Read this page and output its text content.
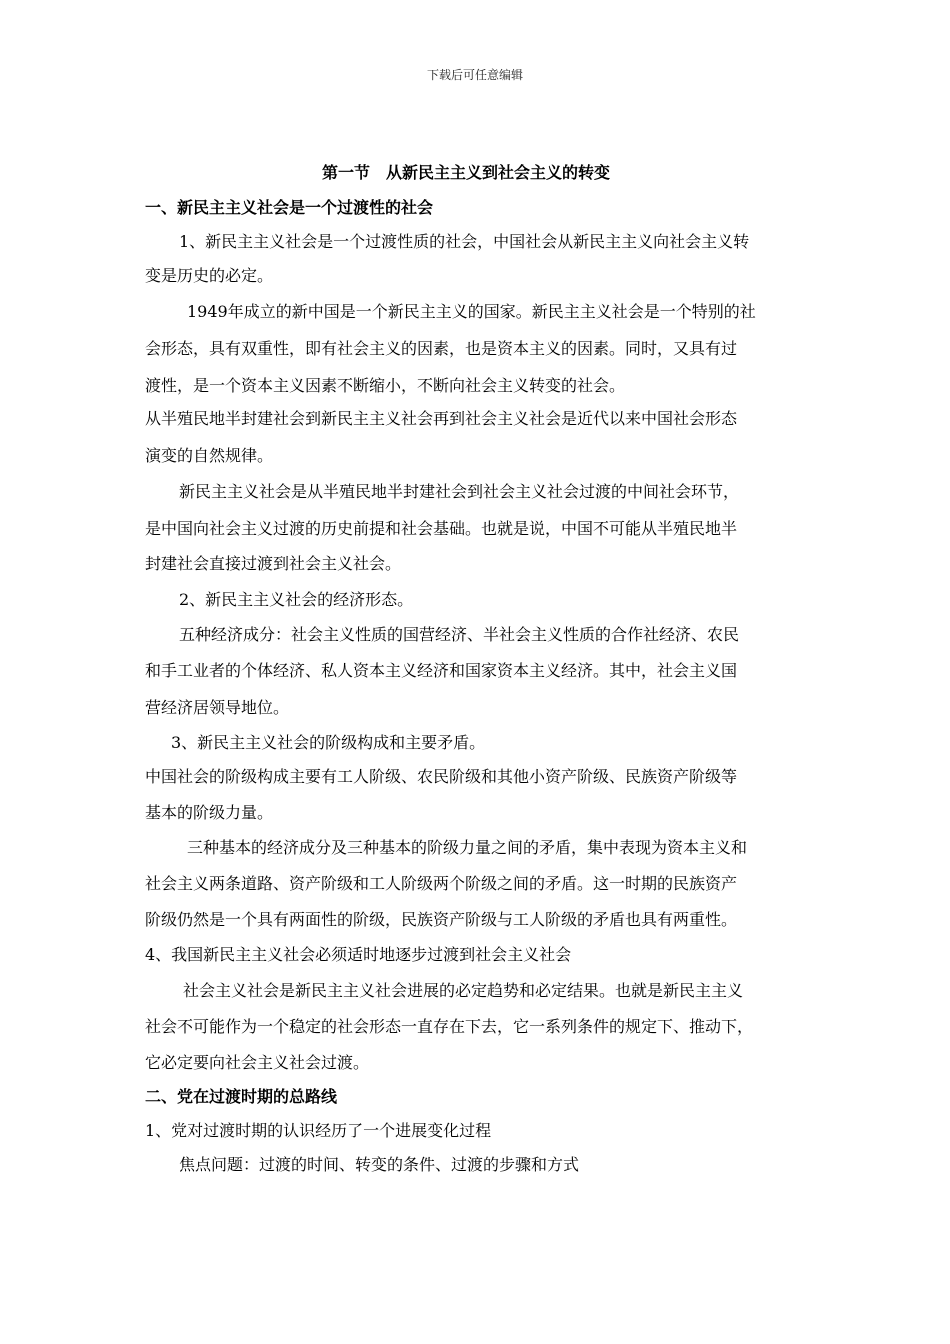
下载后可任意编辑
第一节　从新民主主义到社会主义的转变
一、新民主主义社会是一个过渡性的社会
1、新民主主义社会是一个过渡性质的社会，中国社会从新民主主义向社会主义转
变是历史的必定。
1949年成立的新中国是一个新民主主义的国家。新民主主义社会是一个特别的社
会形态，具有双重性，即有社会主义的因素，也是资本主义的因素。同时，又具有过
渡性，是一个资本主义因素不断缩小，不断向社会主义转变的社会。
从半殖民地半封建社会到新民主主义社会再到社会主义社会是近代以来中国社会形态
演变的自然规律。
新民主主义社会是从半殖民地半封建社会到社会主义社会过渡的中间社会环节，
是中国向社会主义过渡的历史前提和社会基础。也就是说，中国不可能从半殖民地半
封建社会直接过渡到社会主义社会。
2、新民主主义社会的经济形态。
五种经济成分：社会主义性质的国营经济、半社会主义性质的合作社经济、农民
和手工业者的个体经济、私人资本主义经济和国家资本主义经济。其中，社会主义国
营经济居领导地位。
3、新民主主义社会的阶级构成和主要矛盾。
中国社会的阶级构成主要有工人阶级、农民阶级和其他小资产阶级、民族资产阶级等
基本的阶级力量。
三种基本的经济成分及三种基本的阶级力量之间的矛盾，集中表现为资本主义和
社会主义两条道路、资产阶级和工人阶级两个阶级之间的矛盾。这一时期的民族资产
阶级仍然是一个具有两面性的阶级，民族资产阶级与工人阶级的矛盾也具有两重性。
4、我国新民主主义社会必须适时地逐步过渡到社会主义社会
社会主义社会是新民主主义社会进展的必定趋势和必定结果。也就是新民主主义
社会不可能作为一个稳定的社会形态一直存在下去，它一系列条件的规定下、推动下，
它必定要向社会主义社会过渡。
二、党在过渡时期的总路线
1、党对过渡时期的认识经历了一个进展变化过程
焦点问题：过渡的时间、转变的条件、过渡的步骤和方式
